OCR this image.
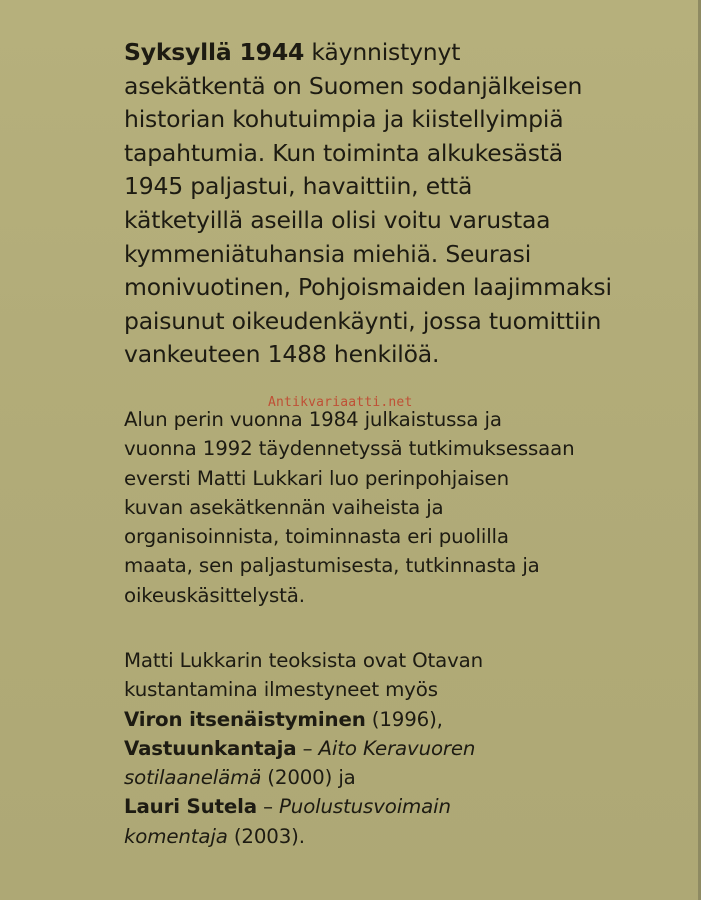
Syksyllä 1944 käynnistynyt
asekätkentä on Suomen sodanjälkeisen
historian kohutuimpia ja kiistellyimpiä
tapahtumia. Kun toiminta alkukesästä
1945 paljastui, havaittiin, että
kätketyillä aseilla olisi voitu varustaa
kymmeniätuhansia miehiä. Seurasi
monivuotinen, Pohjoismaiden laajimmaksi
paisunut oikeudenkäynti, jossa tuomittiin
vankeuteen 1488 henkilöä.
Antikvariaatti.net
Alun perin vuonna 1984 julkaistussa ja
vuonna 1992 täydennetyssä tutkimuksessaan
eversti Matti Lukkari luo perinpohjaisen
kuvan asekätkennän vaiheista ja
organisoinnista, toiminnasta eri puolilla
maata, sen paljastumisesta, tutkinnasta ja
oikeuskäsittelystä.
Matti Lukkarin teoksista ovat Otavan
kustantamina ilmestyneet myös
Viron itsenäistyminen (1996),
Vastuunkantaja – Aito Keravuoren
sotilaanelämä (2000) ja
Lauri Sutela – Puolustusvoimain
komentaja (2003).
